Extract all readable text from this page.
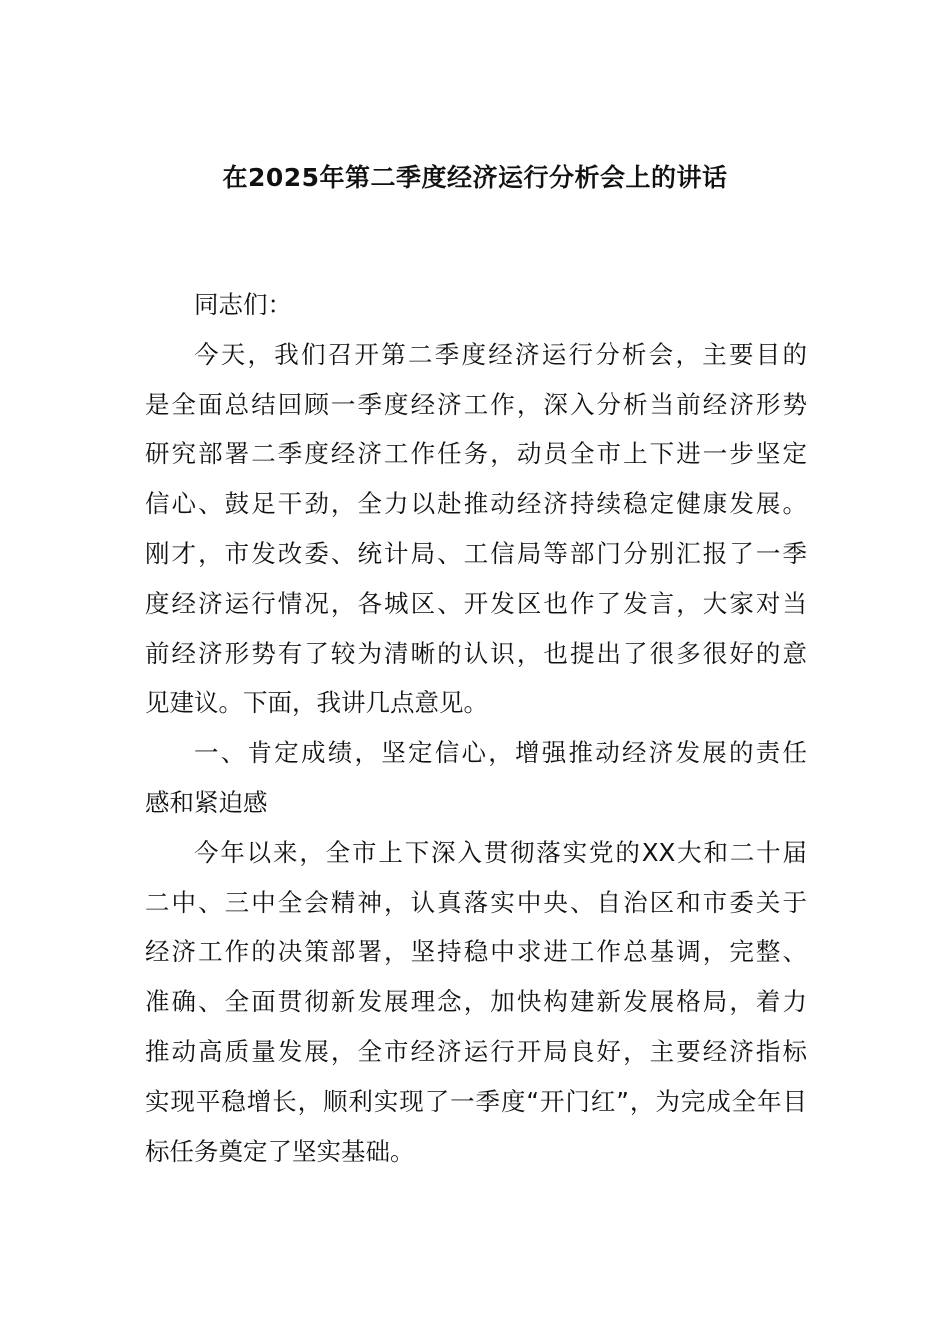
在2025年第二季度经济运行分析会上的讲话
同志们：
今天，我们召开第二季度经济运行分析会，主要目的
是全面总结回顾一季度经济工作，深入分析当前经济形势
研究部署二季度经济工作任务，动员全市上下进一步坚定
信心、鼓足干劲，全力以赴推动经济持续稳定健康发展。
刚才，市发改委、统计局、工信局等部门分别汇报了一季
度经济运行情况，各城区、开发区也作了发言，大家对当
前经济形势有了较为清晰的认识，也提出了很多很好的意
见建议。下面，我讲几点意见。
一、肯定成绩，坚定信心，增强推动经济发展的责任
感和紧迫感
今年以来，全市上下深入贯彻落实党的XX大和二十届
二中、三中全会精神，认真落实中央、自治区和市委关于
经济工作的决策部署，坚持稳中求进工作总基调，完整、
准确、全面贯彻新发展理念，加快构建新发展格局，着力
推动高质量发展，全市经济运行开局良好，主要经济指标
实现平稳增长，顺利实现了一季度“开门红”，为完成全年目
标任务奠定了坚实基础。
